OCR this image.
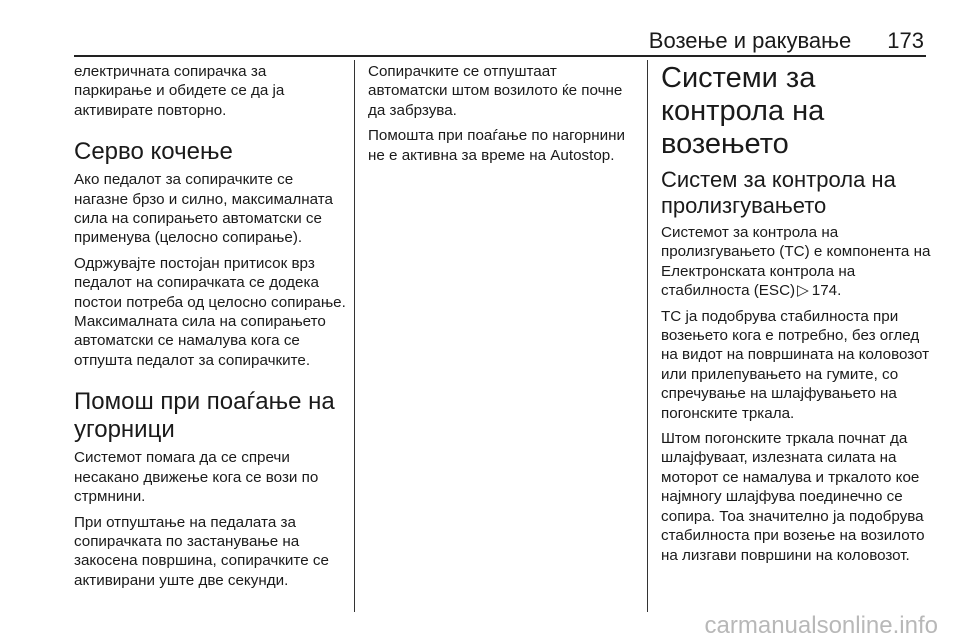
Возење и ракување 173

електричната сопирачка за паркирање и обидете се да ја активирате повторно.

Серво кочење

Ако педалот за сопирачките се нагазне брзо и силно, максималната сила на сопирањето автоматски се применува (целосно сопирање).

Одржувајте постојан притисок врз педалот на сопирачката се додека постои потреба од целосно сопирање. Максималната сила на сопирањето автоматски се намалува кога се отпушта педалот за сопирачките.

Помош при поаѓање на угорници

Системот помага да се спречи несакано движење кога се вози по стрмнини.

При отпуштање на педалата за сопирачката по застанување на закосена површина, сопирачките се активирани уште две секунди.

Сопирачките се отпуштаат автоматски штом возилото ќе почне да забрзува.

Помошта при поаѓање по нагорнини не е активна за време на Autostop.

Системи за контрола на возењето
Систем за контрола на пролизгувањето

Системот за контрола на пролизгувањето (TC) е компонента на Електронската контрола на стабилноста (ESC) ▷ 174.

TC ја подобрува стабилноста при возењето кога е потребно, без оглед на видот на површината на коловозот или прилепувањето на гумите, со спречување на шлајфувањето на погонските тркала.

Штом погонските тркала почнат да шлајфуваат, излезната силата на моторот се намалува и тркалото кое најмногу шлајфува поединечно се сопира. Тоа значително ја подобрува стабилноста при возење на возилото на лизгави површини на коловозот.

carmanualsonline.info
